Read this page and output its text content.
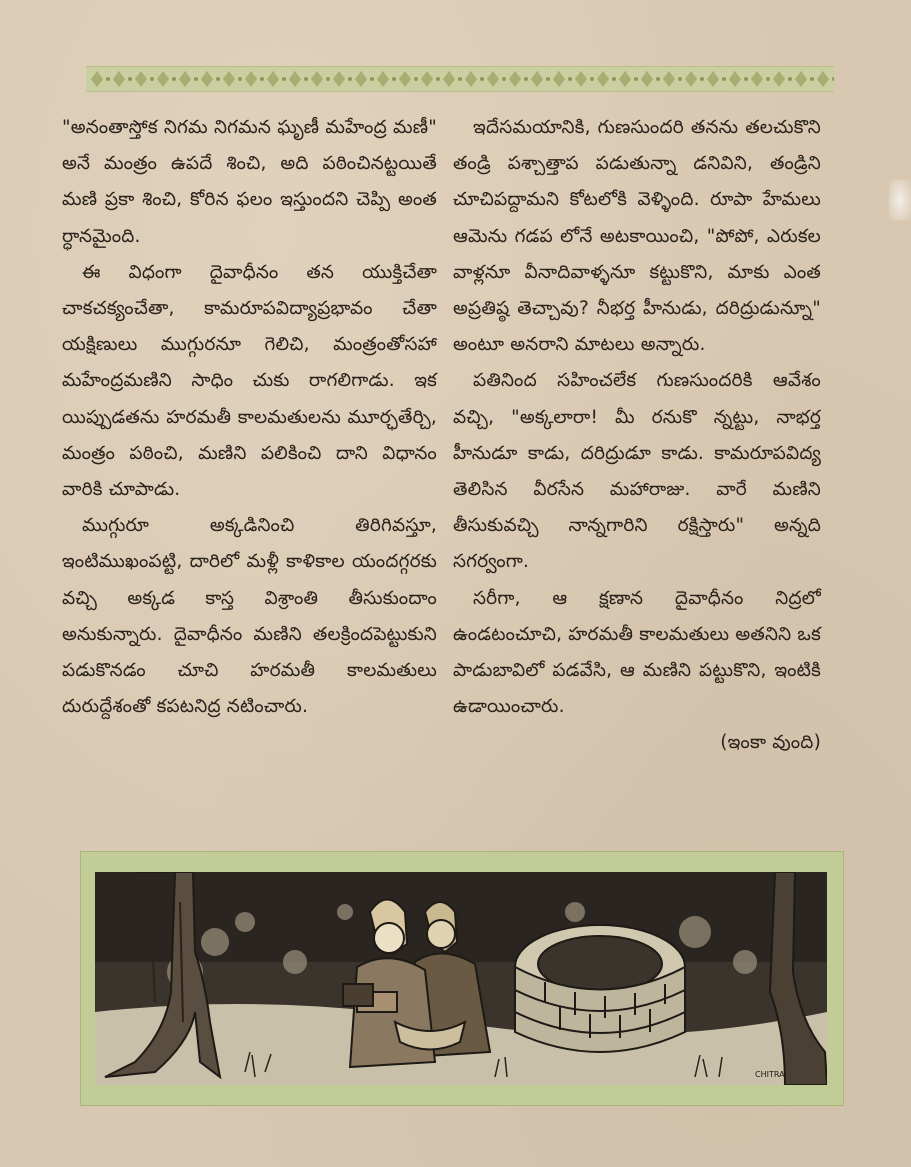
"అనంతాస్తోక నిగమ నిగమన ఘృణీ మహేంద్ర మణీ" అనే మంత్రం ఉపదే శించి, అది పఠించినట్టయితే మణి ప్రకా శించి, కోరిన ఫలం ఇస్తుందని చెప్పి అంత ర్ధానమైంది.

ఈ విధంగా దైవాధీనం తన యుక్తిచేతా చాకచక్యంచేతా, కామరూపవిద్యాప్రభావం చేతా యక్షిణులు ముగ్గురనూ గెలిచి, మంత్రంతోసహా మహేంద్రమణిని సాధిం చుకు రాగలిగాడు. ఇక యిప్పుడతను హరమతీ కాలమతులను మూర్ఛతేర్చి, మంత్రం పఠించి, మణిని పలికించి దాని విధానం వారికి చూపాడు.

ముగ్గురూ అక్కడినించి తిరిగివస్తూ, ఇంటిముఖంపట్టి, దారిలో మళ్లీ కాళికాల యందగ్గరకు వచ్చి అక్కడ కాస్త విశ్రాంతి తీసుకుందాం అనుకున్నారు. దైవాధీనం మణిని తలక్రిందపెట్టుకుని పడుకొనడం చూచి హరమతీ కాలమతులు దురుద్దేశంతో కపటనిద్ర నటించారు.

ఇదేసమయానికి, గుణసుందరి తనను తలచుకొని తండ్రి పశ్చాత్తాప పడుతున్నా డనివిని, తండ్రిని చూచిపద్దామని కోటలోకి వెళ్ళింది. రూపా హేమలు ఆమెను గడప లోనే అటకాయించి, "పోపో, ఎరుకల వాళ్లనూ వీనాదివాళ్ళనూ కట్టుకొని, మాకు ఎంత అప్రతిష్ఠ తెచ్చావు? నీభర్త హీనుడు, దరిద్రుడున్నూ" అంటూ అనరాని మాటలు అన్నారు.

పతినింద సహించలేక గుణసుందరికి ఆవేశం వచ్చి, "అక్కలారా! మీ రనుకొ న్నట్టు, నాభర్త హీనుడూ కాడు, దరిద్రుడూ కాడు. కామరూపవిద్య తెలిసిన వీరసేన మహారాజు. వారే మణిని తీసుకువచ్చి నాన్నగారిని రక్షిస్తారు" అన్నది సగర్వంగా.

సరీగా, ఆ క్షణాన దైవాధీనం నిద్రలో ఉండటంచూచి, హరమతీ కాలమతులు అతనిని ఒక పాడుబావిలో పడవేసి, ఆ మణిని పట్టుకొని, ఇంటికి ఉడాయించారు.

(ఇంకా వుంది)

CHITRA
